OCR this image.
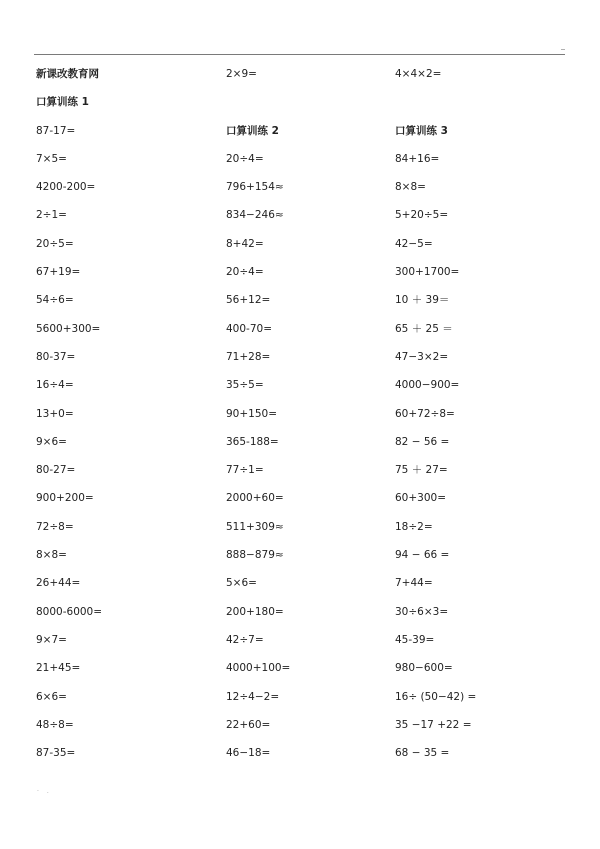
新课改教育网
口算训练 1
87-17=
7×5=
4200-200=
2÷1=
20÷5=
67+19=
54÷6=
5600+300=
80-37=
16÷4=
13+0=
9×6=
80-27=
900+200=
72÷8=
8×8=
26+44=
8000-6000=
9×7=
21+45=
6×6=
48÷8=
87-35=
2×9=
口算训练 2
20÷4=
796+154≈
834−246≈
8+42=
20÷4=
56+12=
400-70=
71+28=
35÷5=
90+150=
365-188=
77÷1=
2000+60=
511+309≈
888−879≈
5×6=
200+180=
42÷7=
4000+100=
12÷4−2=
22+60=
46−18=
4×4×2=
口算训练 3
84+16=
8×8=
5+20÷5=
42−5=
300+1700=
10 ＋ 39＝
65 ＋ 25 ＝
47−3×2=
4000−900=
60+72÷8=
82 − 56 =
75 ＋ 27=
60+300=
18÷2=
94 − 66 =
7+44=
30÷6×3=
45-39=
980−600=
16÷ (50−42) =
35 −17 +22 =
68 − 35 =
· .
